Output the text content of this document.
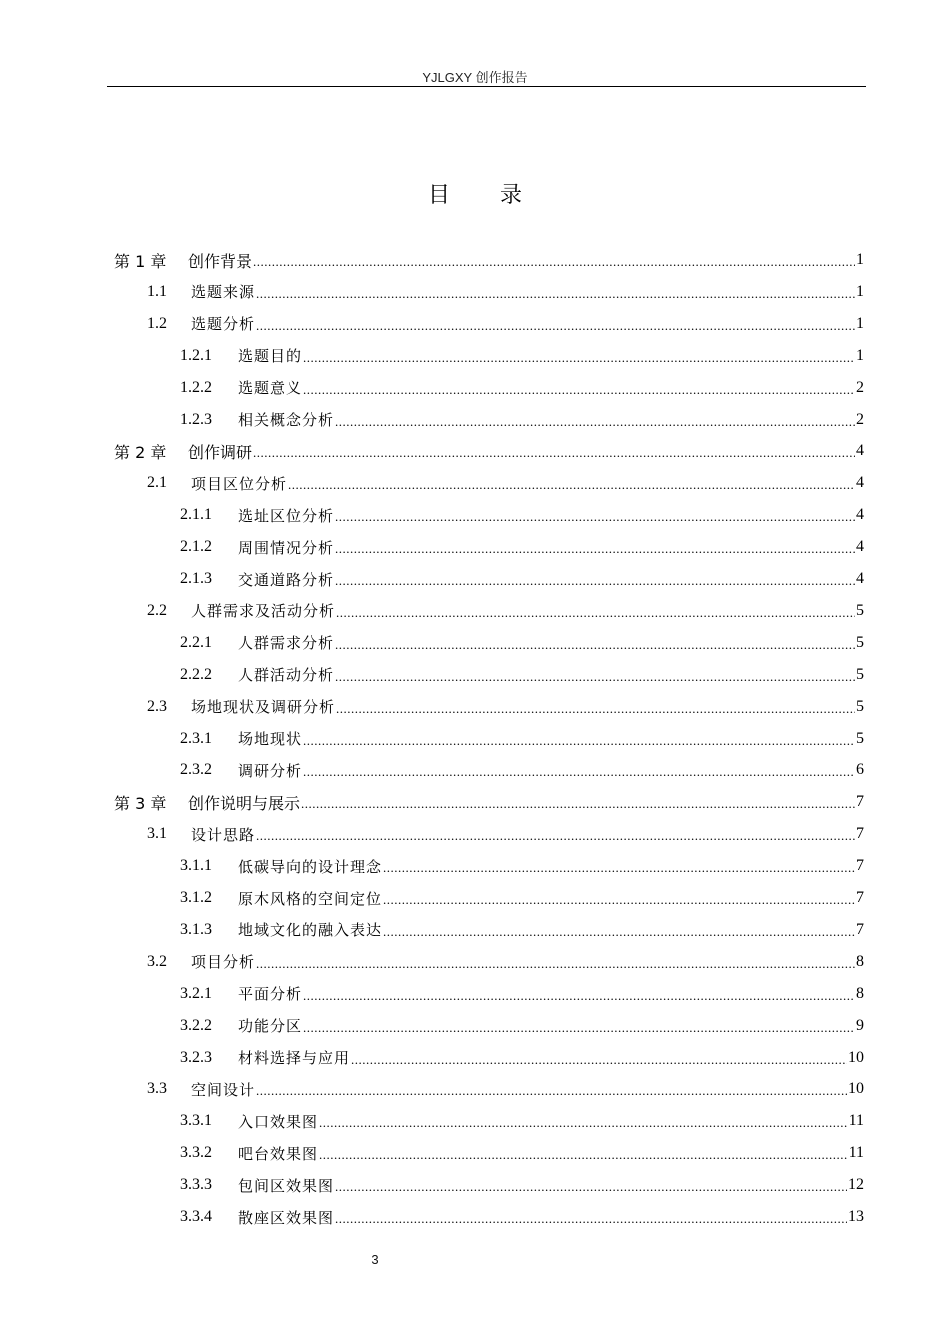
YJLGXY 创作报告
目 录
第 1 章	创作背景 .....	1
1.1	选题来源 .....	1
1.2	选题分析 .....	1
1.2.1	选题目的 .....	1
1.2.2	选题意义 .....	2
1.2.3	相关概念分析 .....	2
第 2 章	创作调研 .....	4
2.1	项目区位分析 .....	4
2.1.1	选址区位分析 .....	4
2.1.2	周围情况分析 .....	4
2.1.3	交通道路分析 .....	4
2.2	人群需求及活动分析 .....	5
2.2.1	人群需求分析 .....	5
2.2.2	人群活动分析 .....	5
2.3	场地现状及调研分析 .....	5
2.3.1	场地现状 .....	5
2.3.2	调研分析 .....	6
第 3 章	创作说明与展示 .....	7
3.1	设计思路 .....	7
3.1.1	低碳导向的设计理念 .....	7
3.1.2	原木风格的空间定位 .....	7
3.1.3	地域文化的融入表达 .....	7
3.2	项目分析 .....	8
3.2.1	平面分析 .....	8
3.2.2	功能分区 .....	9
3.2.3	材料选择与应用 .....	10
3.3	空间设计 .....	10
3.3.1	入口效果图 .....	11
3.3.2	吧台效果图 .....	11
3.3.3	包间区效果图 .....	12
3.3.4	散座区效果图 .....	13
3
